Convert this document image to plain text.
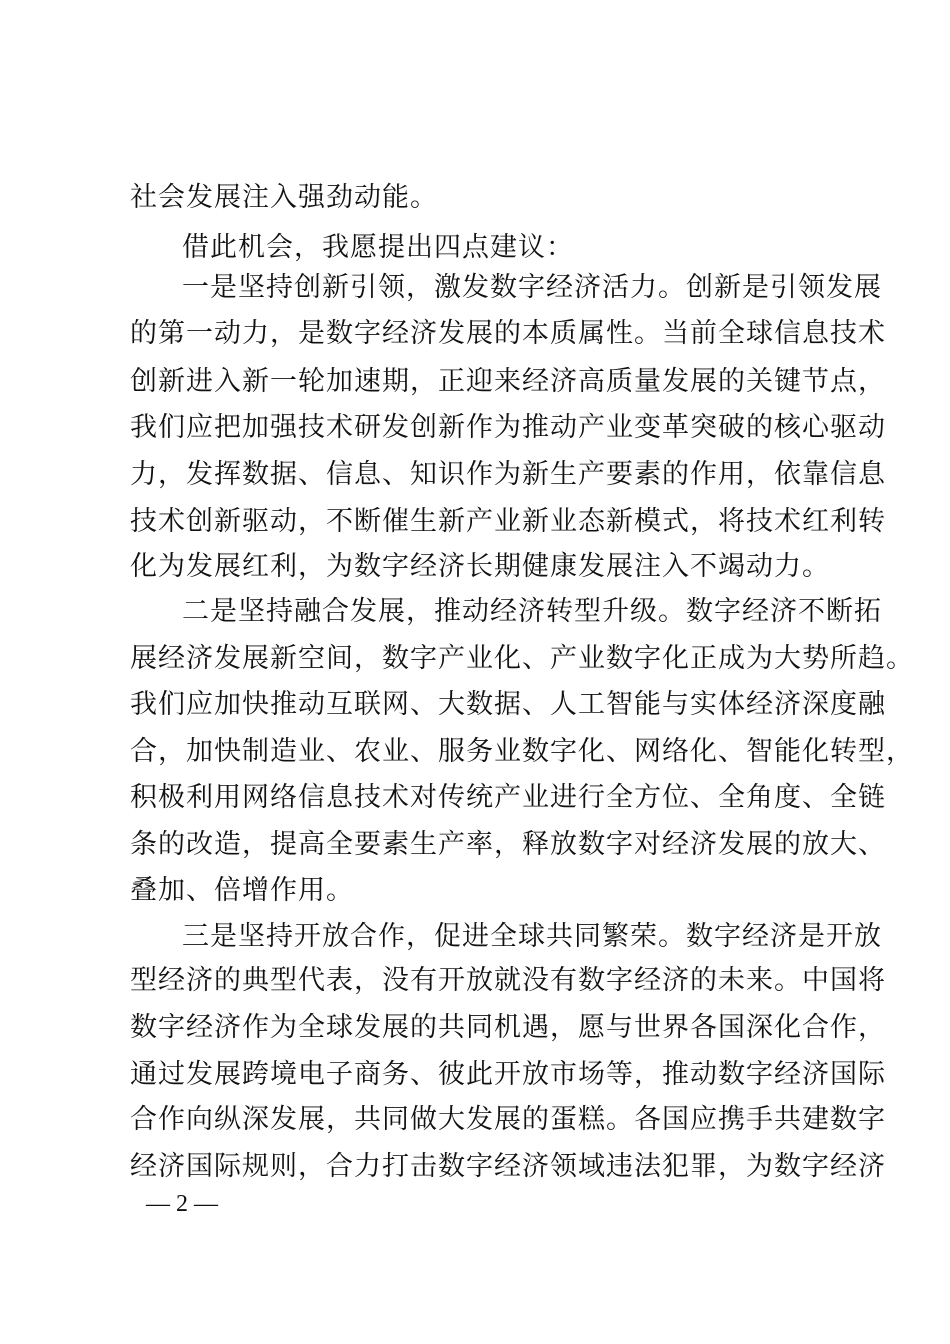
社会发展注入强劲动能。
借此机会，我愿提出四点建议：
一是坚持创新引领，激发数字经济活力。创新是引领发展
的第一动力，是数字经济发展的本质属性。当前全球信息技术
创新进入新一轮加速期，正迎来经济高质量发展的关键节点，
我们应把加强技术研发创新作为推动产业变革突破的核心驱动
力，发挥数据、信息、知识作为新生产要素的作用，依靠信息
技术创新驱动，不断催生新产业新业态新模式，将技术红利转
化为发展红利，为数字经济长期健康发展注入不竭动力。
二是坚持融合发展，推动经济转型升级。数字经济不断拓
展经济发展新空间，数字产业化、产业数字化正成为大势所趋。
我们应加快推动互联网、大数据、人工智能与实体经济深度融
合，加快制造业、农业、服务业数字化、网络化、智能化转型，
积极利用网络信息技术对传统产业进行全方位、全角度、全链
条的改造，提高全要素生产率，释放数字对经济发展的放大、
叠加、倍增作用。
三是坚持开放合作，促进全球共同繁荣。数字经济是开放
型经济的典型代表，没有开放就没有数字经济的未来。中国将
数字经济作为全球发展的共同机遇，愿与世界各国深化合作，
通过发展跨境电子商务、彼此开放市场等，推动数字经济国际
合作向纵深发展，共同做大发展的蛋糕。各国应携手共建数字
经济国际规则，合力打击数字经济领域违法犯罪，为数字经济
— 2 —
